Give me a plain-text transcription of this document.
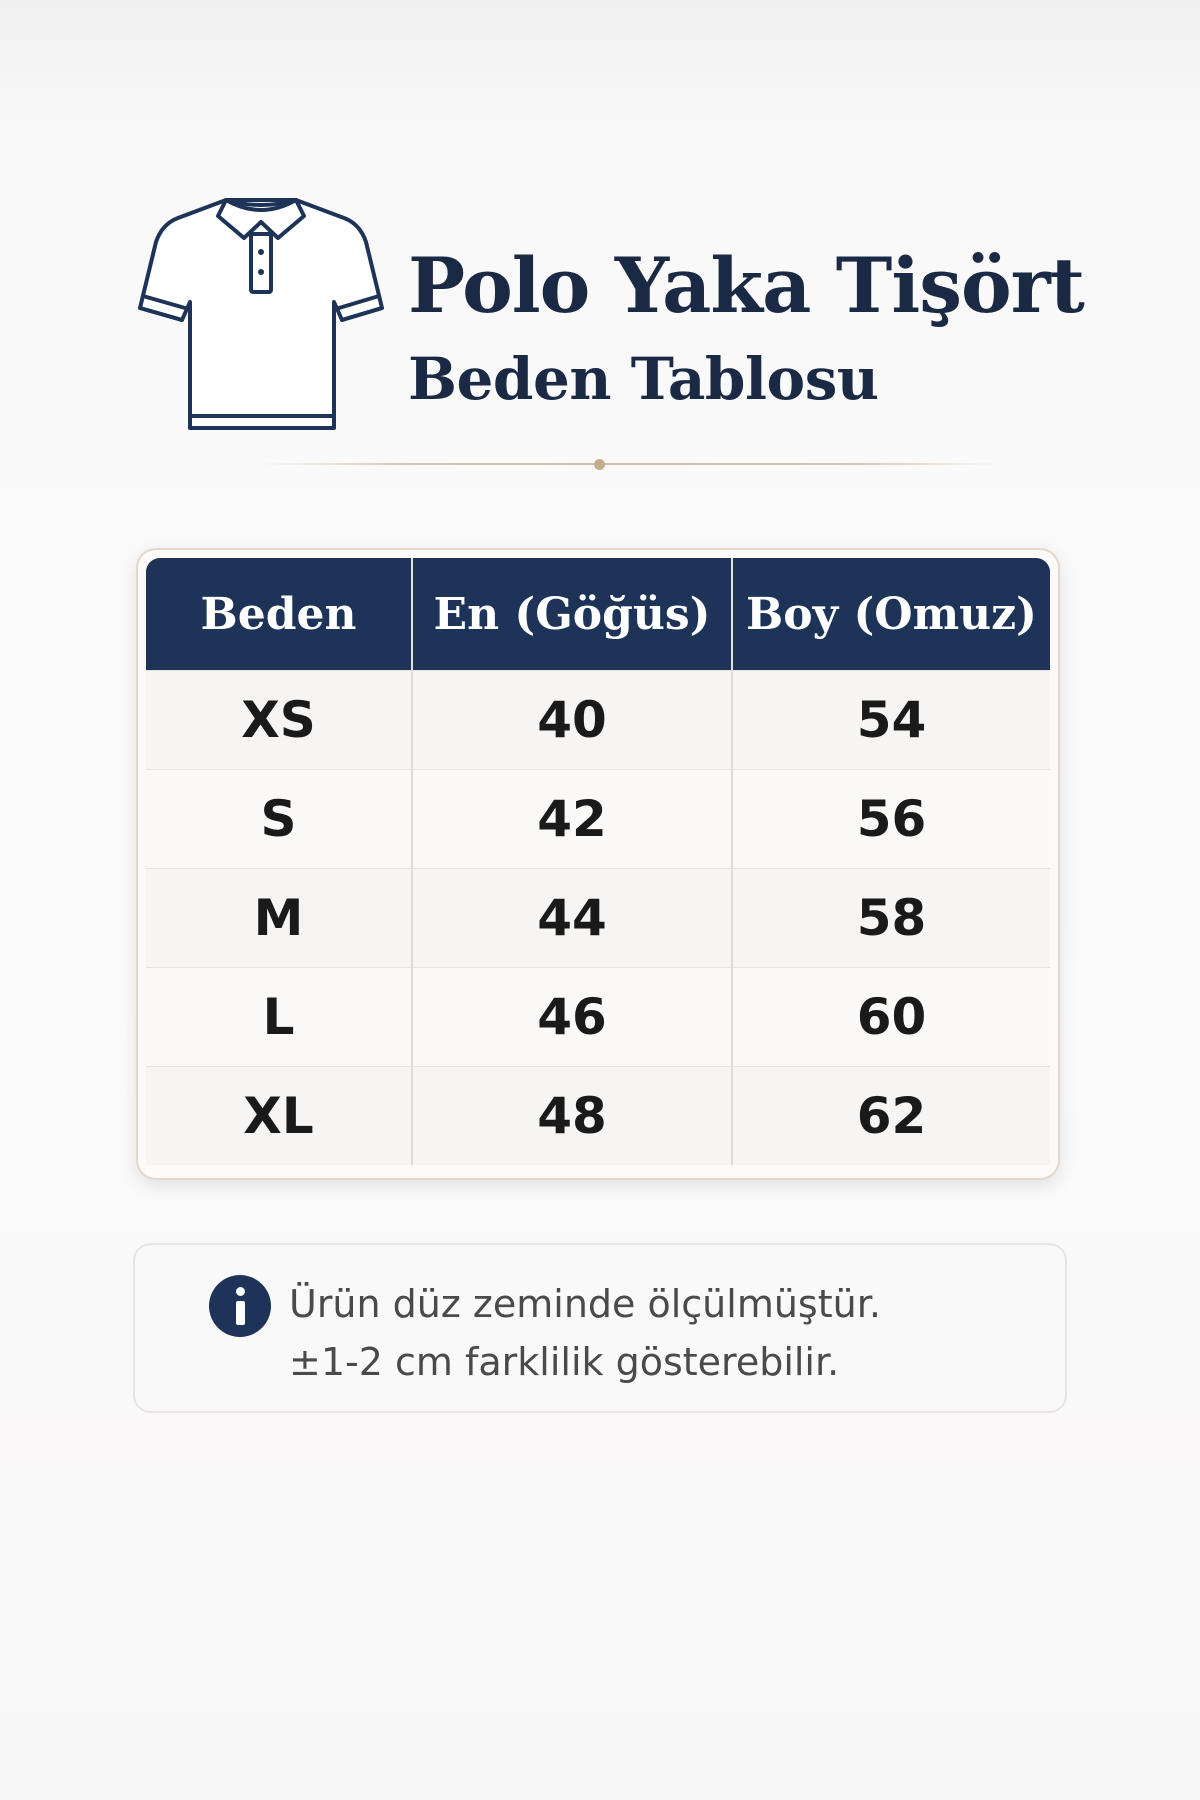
Polo Yaka Tişört
Beden Tablosu
Beden	En (Göğüs)	Boy (Omuz)
XS	40	54
S	42	56
M	44	58
L	46	60
XL	48	62
Ürün düz zeminde ölçülmüştür.
±1-2 cm farklilik gösterebilir.
